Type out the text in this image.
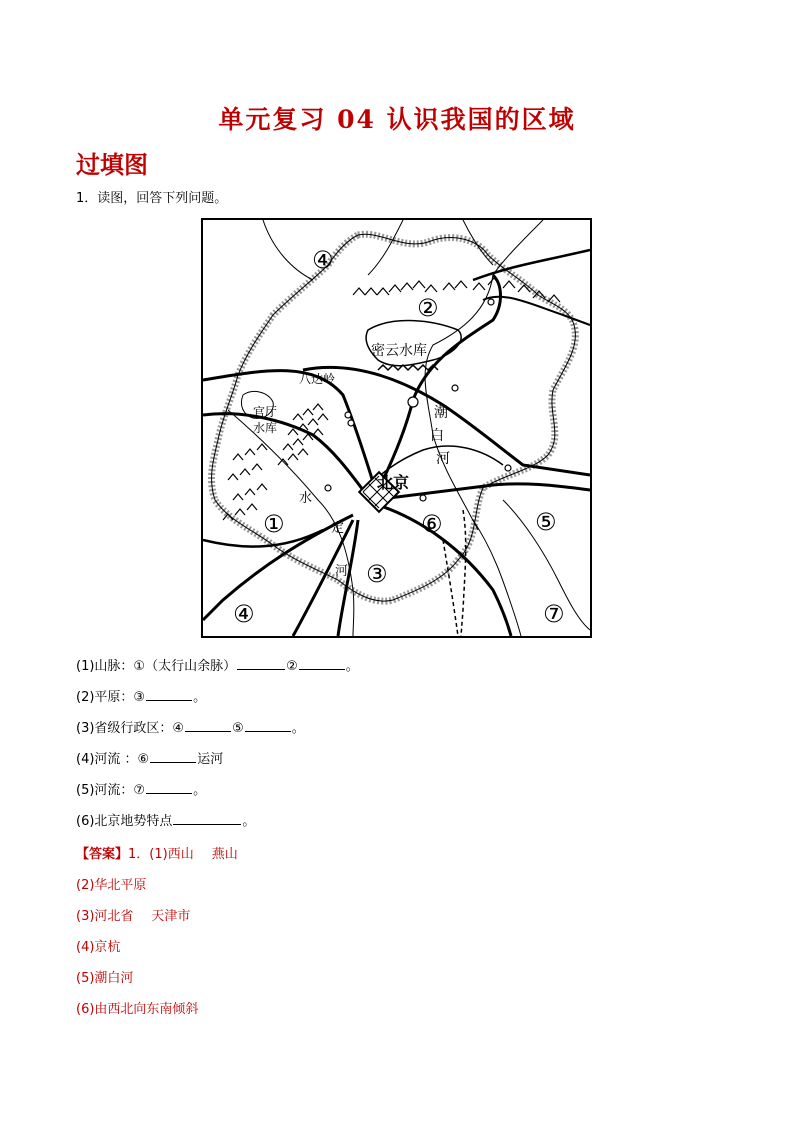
单元复习 04 认识我国的区域
过填图
1．读图，回答下列问题。
④
②
密云水库
八达岭
官厅
水库
潮
白
河
北京
①
水
定
河
⑥	⑤
③
④	⑦
(1)山脉：①（太行山余脉）	②	。
(2)平原：③	。
(3)省级行政区：④	⑤	。
(4)河流 ：⑥	运河
(5)河流：⑦	。
(6)北京地势特点	。
【答案】1．(1)西山 燕山
(2)华北平原
(3)河北省 天津市
(4)京杭
(5)潮白河
(6)由西北向东南倾斜
